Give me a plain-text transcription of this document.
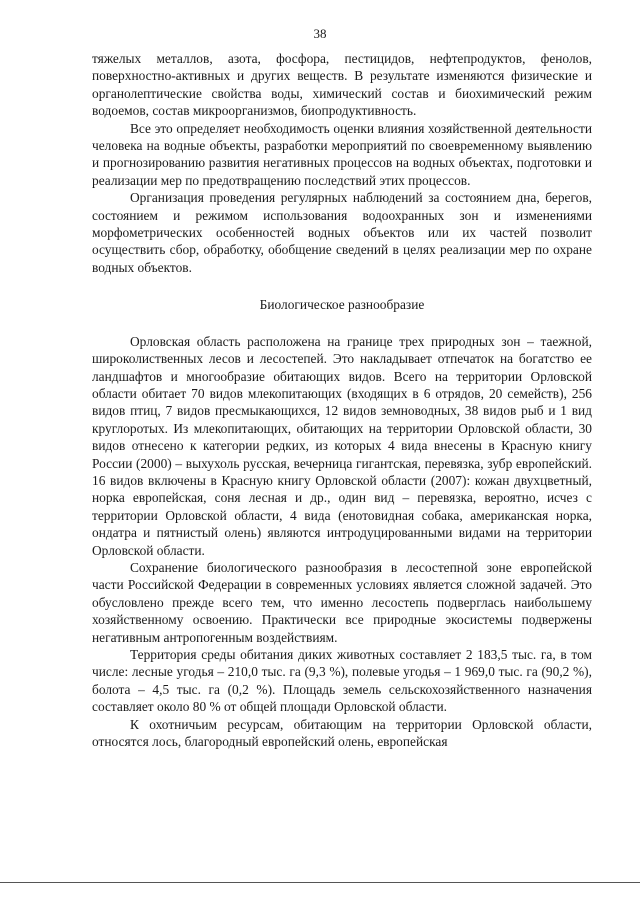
38

тяжелых металлов, азота, фосфора, пестицидов, нефтепродуктов, фенолов, поверхностно-активных и других веществ. В результате изменяются физические и органолептические свойства воды, химический состав и биохимический режим водоемов, состав микроорганизмов, биопродуктивность.

Все это определяет необходимость оценки влияния хозяйственной деятельности человека на водные объекты, разработки мероприятий по своевременному выявлению и прогнозированию развития негативных процессов на водных объектах, подготовки и реализации мер по предотвращению последствий этих процессов.

Организация проведения регулярных наблюдений за состоянием дна, берегов, состоянием и режимом использования водоохранных зон и изменениями морфометрических особенностей водных объектов или их частей позволит осуществить сбор, обработку, обобщение сведений в целях реализации мер по охране водных объектов.

Биологическое разнообразие

Орловская область расположена на границе трех природных зон – таежной, широколиственных лесов и лесостепей. Это накладывает отпечаток на богатство ее ландшафтов и многообразие обитающих видов. Всего на территории Орловской области обитает 70 видов млекопитающих (входящих в 6 отрядов, 20 семейств), 256 видов птиц, 7 видов пресмыкающихся, 12 видов земноводных, 38 видов рыб и 1 вид круглоротых. Из млекопитающих, обитающих на территории Орловской области, 30 видов отнесено к категории редких, из которых 4 вида внесены в Красную книгу России (2000) – выхухоль русская, вечерница гигантская, перевязка, зубр европейский. 16 видов включены в Красную книгу Орловской области (2007): кожан двухцветный, норка европейская, соня лесная и др., один вид – перевязка, вероятно, исчез с территории Орловской области, 4 вида (енотовидная собака, американская норка, ондатра и пятнистый олень) являются интродуцированными видами на территории Орловской области.

Сохранение биологического разнообразия в лесостепной зоне европейской части Российской Федерации в современных условиях является сложной задачей. Это обусловлено прежде всего тем, что именно лесостепь подверглась наибольшему хозяйственному освоению. Практически все природные экосистемы подвержены негативным антропогенным воздействиям.

Территория среды обитания диких животных составляет 2 183,5 тыс. га, в том числе: лесные угодья – 210,0 тыс. га (9,3 %), полевые угодья – 1 969,0 тыс. га (90,2 %), болота – 4,5 тыс. га (0,2 %). Площадь земель сельскохозяйственного назначения составляет около 80 % от общей площади Орловской области.

К охотничьим ресурсам, обитающим на территории Орловской области, относятся лось, благородный европейский олень, европейская
